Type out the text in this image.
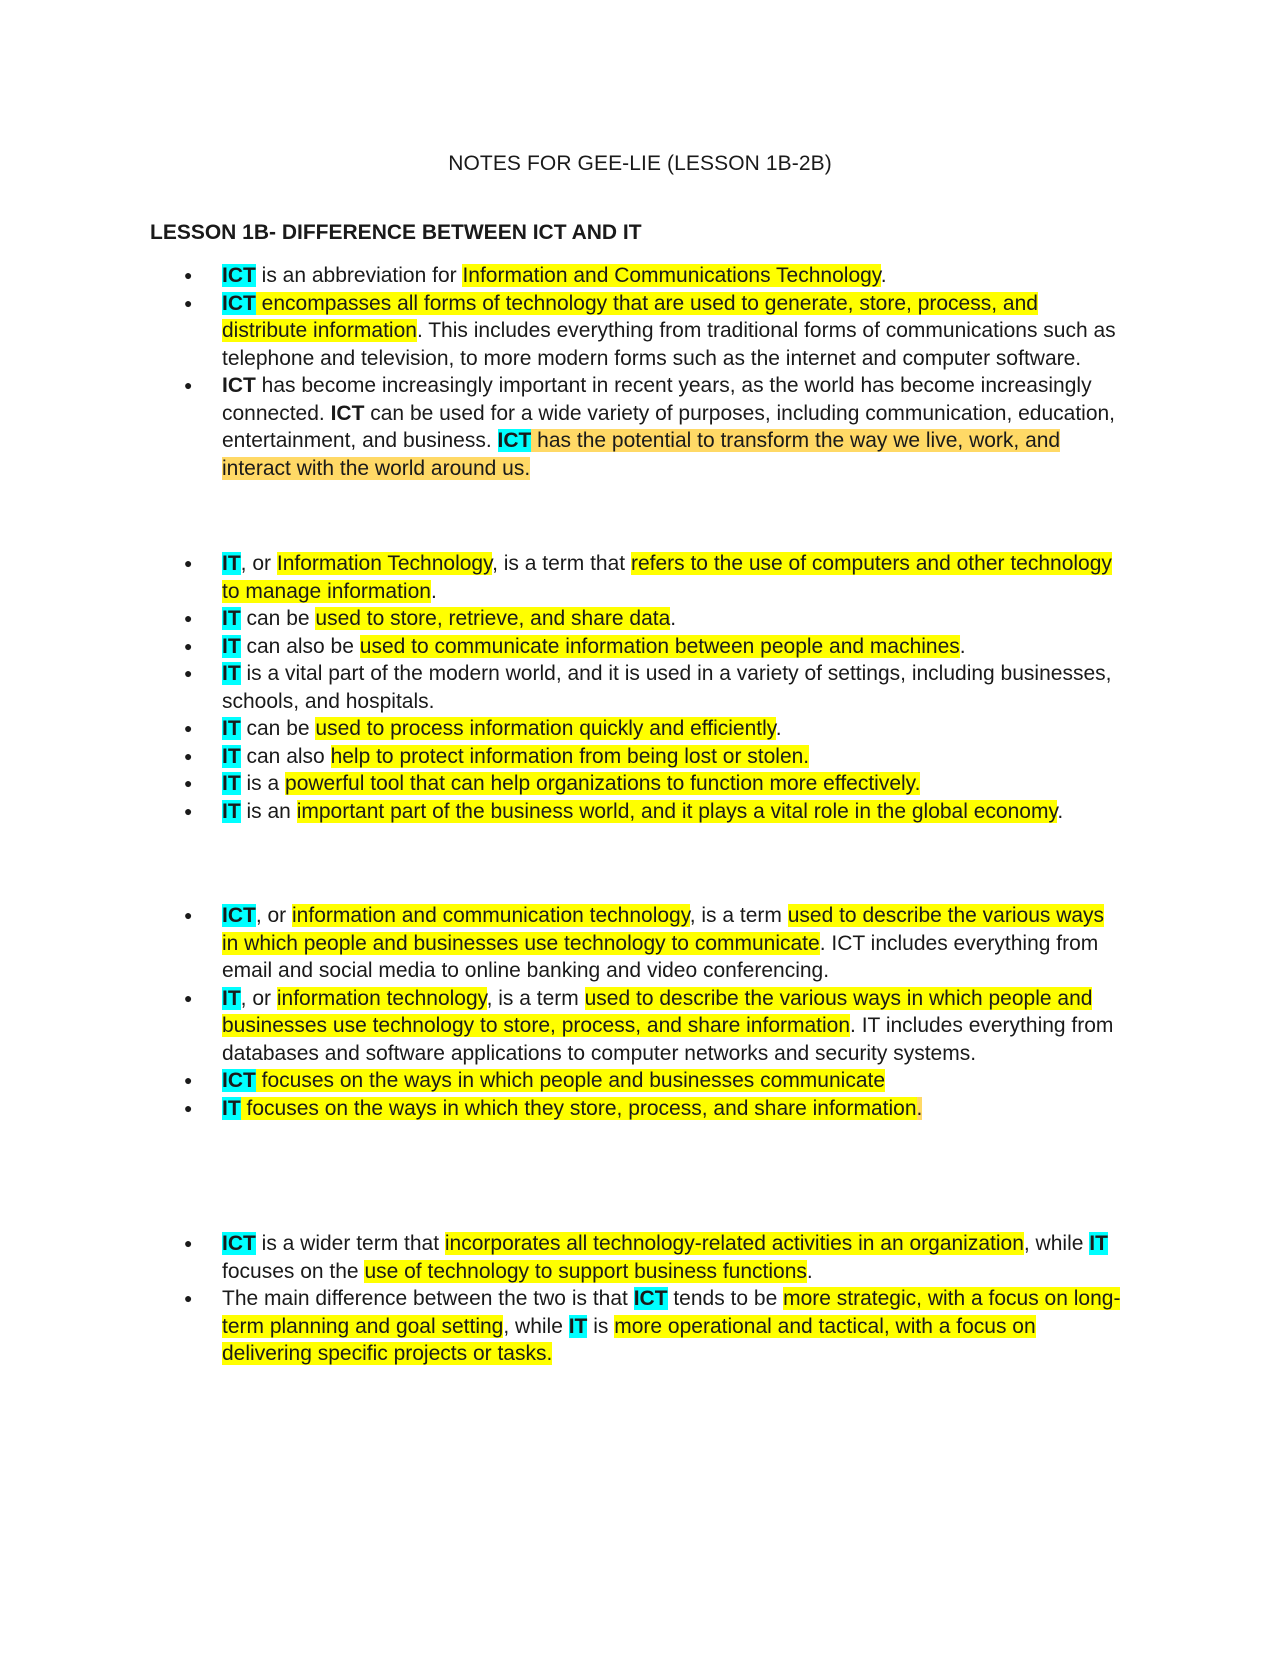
NOTES FOR GEE-LIE (LESSON 1B-2B)
LESSON 1B- DIFFERENCE BETWEEN ICT AND IT
● ICT is an abbreviation for Information and Communications Technology.
● ICT encompasses all forms of technology that are used to generate, store, process, and distribute information. This includes everything from traditional forms of communications such as telephone and television, to more modern forms such as the internet and computer software.
● ICT has become increasingly important in recent years, as the world has become increasingly connected. ICT can be used for a wide variety of purposes, including communication, education, entertainment, and business. ICT has the potential to transform the way we live, work, and interact with the world around us.
● IT, or Information Technology, is a term that refers to the use of computers and other technology to manage information.
● IT can be used to store, retrieve, and share data.
● IT can also be used to communicate information between people and machines.
● IT is a vital part of the modern world, and it is used in a variety of settings, including businesses, schools, and hospitals.
● IT can be used to process information quickly and efficiently.
● IT can also help to protect information from being lost or stolen.
● IT is a powerful tool that can help organizations to function more effectively.
● IT is an important part of the business world, and it plays a vital role in the global economy.
● ICT, or information and communication technology, is a term used to describe the various ways in which people and businesses use technology to communicate. ICT includes everything from email and social media to online banking and video conferencing.
● IT, or information technology, is a term used to describe the various ways in which people and businesses use technology to store, process, and share information. IT includes everything from databases and software applications to computer networks and security systems.
● ICT focuses on the ways in which people and businesses communicate
● IT focuses on the ways in which they store, process, and share information.
● ICT is a wider term that incorporates all technology-related activities in an organization, while IT focuses on the use of technology to support business functions.
● The main difference between the two is that ICT tends to be more strategic, with a focus on long-term planning and goal setting, while IT is more operational and tactical, with a focus on delivering specific projects or tasks.
